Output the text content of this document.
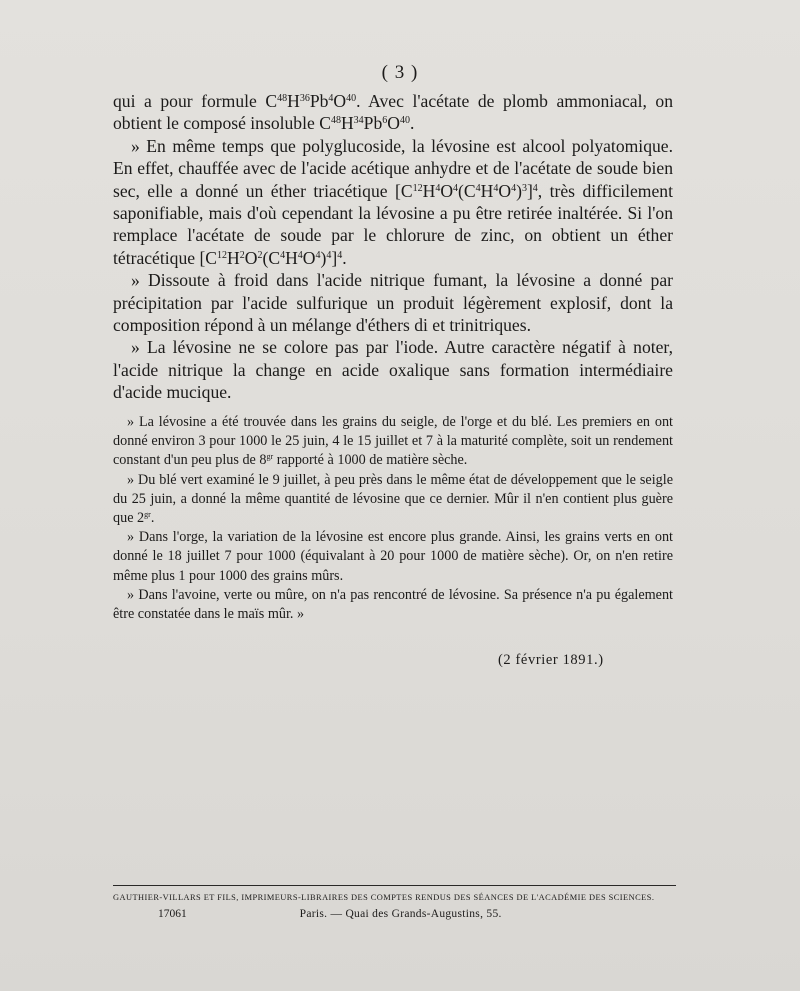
( 3 )

qui a pour formule $C^{48}H^{36}Pb^4O^{40}$. Avec l'acétate de plomb ammoniacal, on obtient le composé insoluble $C^{48}H^{34}Pb^6O^{40}$.

» En même temps que polyglucoside, la lévosine est alcool polyatomique. En effet, chauffée avec de l'acide acétique anhydre et de l'acétate de soude bien sec, elle a donné un éther triacétique $[C^{12}H^4O^4(C^4H^4O^4)^3]^4$, très difficilement saponifiable, mais d'où cependant la lévosine a pu être retirée inaltérée. Si l'on remplace l'acétate de soude par le chlorure de zinc, on obtient un éther tétracétique $[C^{12}H^2O^2(C^4H^4O^4)^4]^4$.

» Dissoute à froid dans l'acide nitrique fumant, la lévosine a donné par précipitation par l'acide sulfurique un produit légèrement explosif, dont la composition répond à un mélange d'éthers di et trinitriques.

» La lévosine ne se colore pas par l'iode. Autre caractère négatif à noter, l'acide nitrique la change en acide oxalique sans formation intermédiaire d'acide mucique.

» La lévosine a été trouvée dans les grains du seigle, de l'orge et du blé. Les premiers en ont donné environ 3 pour 1000 le 25 juin, 4 le 15 juillet et 7 à la maturité complète, soit un rendement constant d'un peu plus de $8^{gr}$ rapporté à 1000 de matière sèche.

» Du blé vert examiné le 9 juillet, à peu près dans le même état de développement que le seigle du 25 juin, a donné la même quantité de lévosine que ce dernier. Mûr il n'en contient plus guère que $2^{gr}$.

» Dans l'orge, la variation de la lévosine est encore plus grande. Ainsi, les grains verts en ont donné le 18 juillet 7 pour 1000 (équivalant à 20 pour 1000 de matière sèche). Or, on n'en retire même plus 1 pour 1000 des grains mûrs.

» Dans l'avoine, verte ou mûre, on n'a pas rencontré de lévosine. Sa présence n'a pu également être constatée dans le maïs mûr. »

(2 février 1891.)
GAUTHIER-VILLARS ET FILS, IMPRIMEURS-LIBRAIRES DES COMPTES RENDUS DES SÉANCES DE L'ACADÉMIE DES SCIENCES.
17061	Paris. — Quai des Grands-Augustins, 55.
